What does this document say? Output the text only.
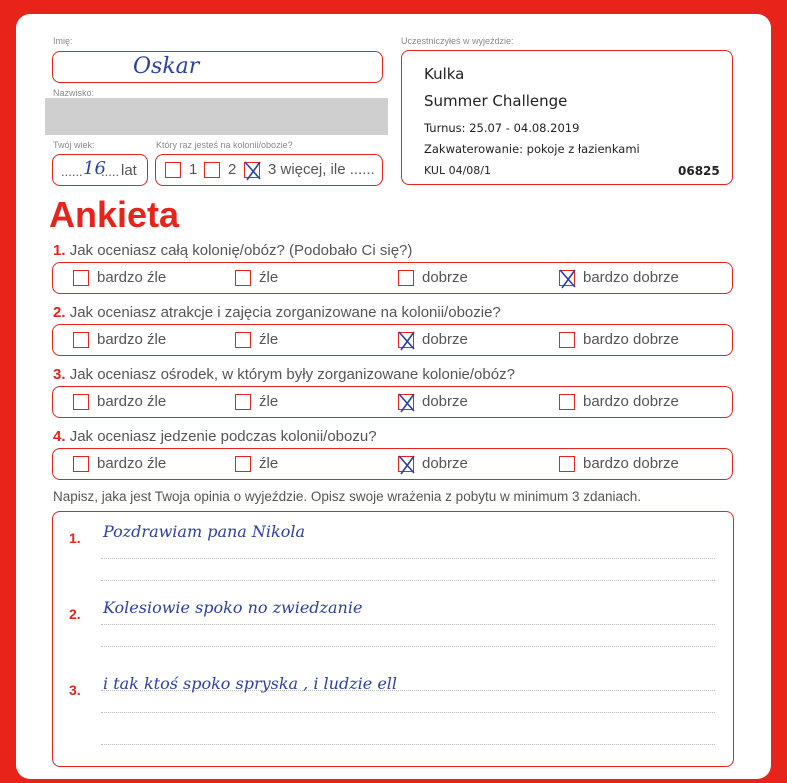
Imię:
Oskar
Nazwisko:
Twój wiek:
...... 16
..... lat
Który raz jesteś na kolonii/obozie?
1 2 3 więcej, ile ......
Uczestniczyłeś w wyjeździe:
Kulka
Summer Challenge
Turnus: 25.07 - 04.08.2019
Zakwaterowanie: pokoje z łazienkami
KUL 04/08/1	06825
Ankieta
1. Jak oceniasz całą kolonię/obóz? (Podobało Ci się?)
bardzo źle	źle	dobrze	bardzo dobrze
2. Jak oceniasz atrakcje i zajęcia zorganizowane na kolonii/obozie?
bardzo źle	źle	dobrze	bardzo dobrze
3. Jak oceniasz ośrodek, w którym były zorganizowane kolonie/obóz?
bardzo źle	źle	dobrze	bardzo dobrze
4. Jak oceniasz jedzenie podczas kolonii/obozu?
bardzo źle	źle	dobrze	bardzo dobrze
Napisz, jaka jest Twoja opinia o wyjeździe. Opisz swoje wrażenia z pobytu w minimum 3 zdaniach.
1. Pozdrawiam pana Nikola
2. Kolesiowie spoko no zwiedzanie
3. i tak ktoś spoko spryska , i ludzie ell
